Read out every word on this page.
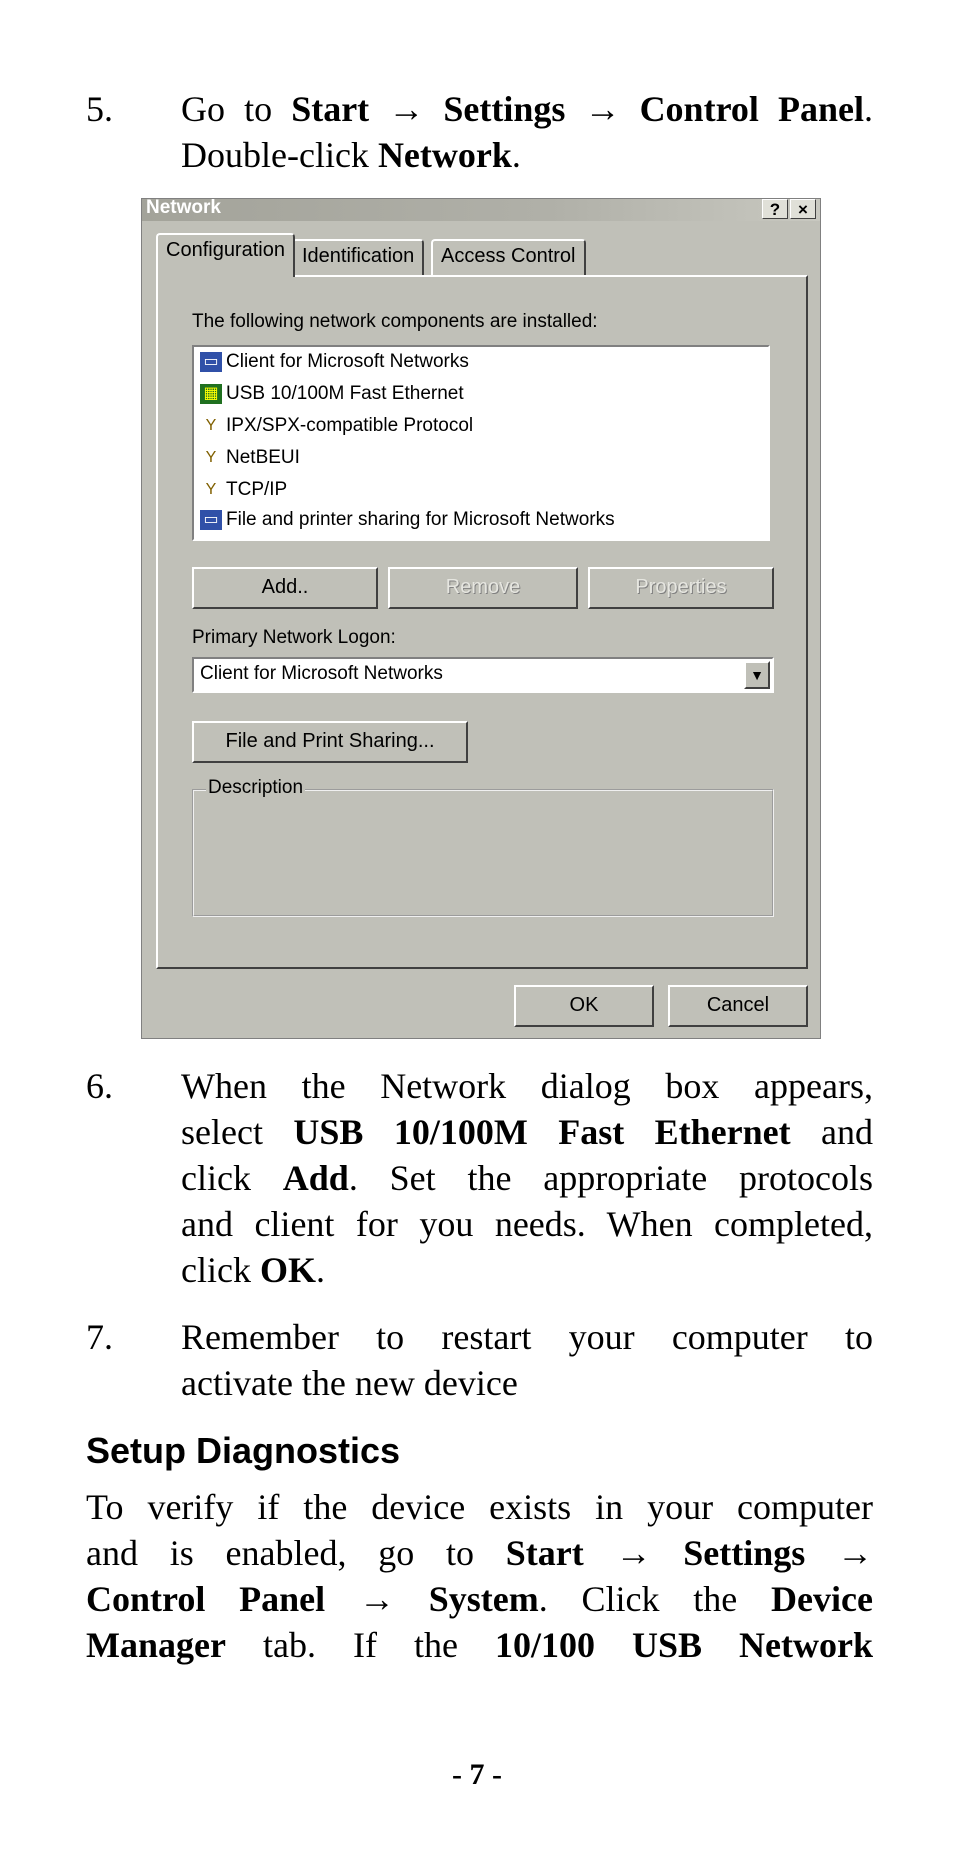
5. Go to Start → Settings → Control Panel.
Double-click Network.
Network	?	×
Configuration Identification	Access Control
The following network components are installed:
▭ Client for Microsoft Networks
▦ USB 10/100M Fast Ethernet
Y IPX/SPX-compatible Protocol
Y NetBEUI
Y TCP/IP
▭ File and printer sharing for Microsoft Networks
Add..	Remove	Properties
Primary Network Logon:
Client for Microsoft Networks	▼
File and Print Sharing...
Description
OK	Cancel
6. When the Network dialog box appears,
select USB 10/100M Fast Ethernet and
click Add. Set the appropriate protocols
and client for you needs. When completed,
click OK.
7. Remember to restart your computer to
activate the new device
Setup Diagnostics
To verify if the device exists in your computer
and is enabled, go to Start → Settings →
Control Panel → System. Click the Device
Manager tab. If the 10/100 USB Network
- 7 -
